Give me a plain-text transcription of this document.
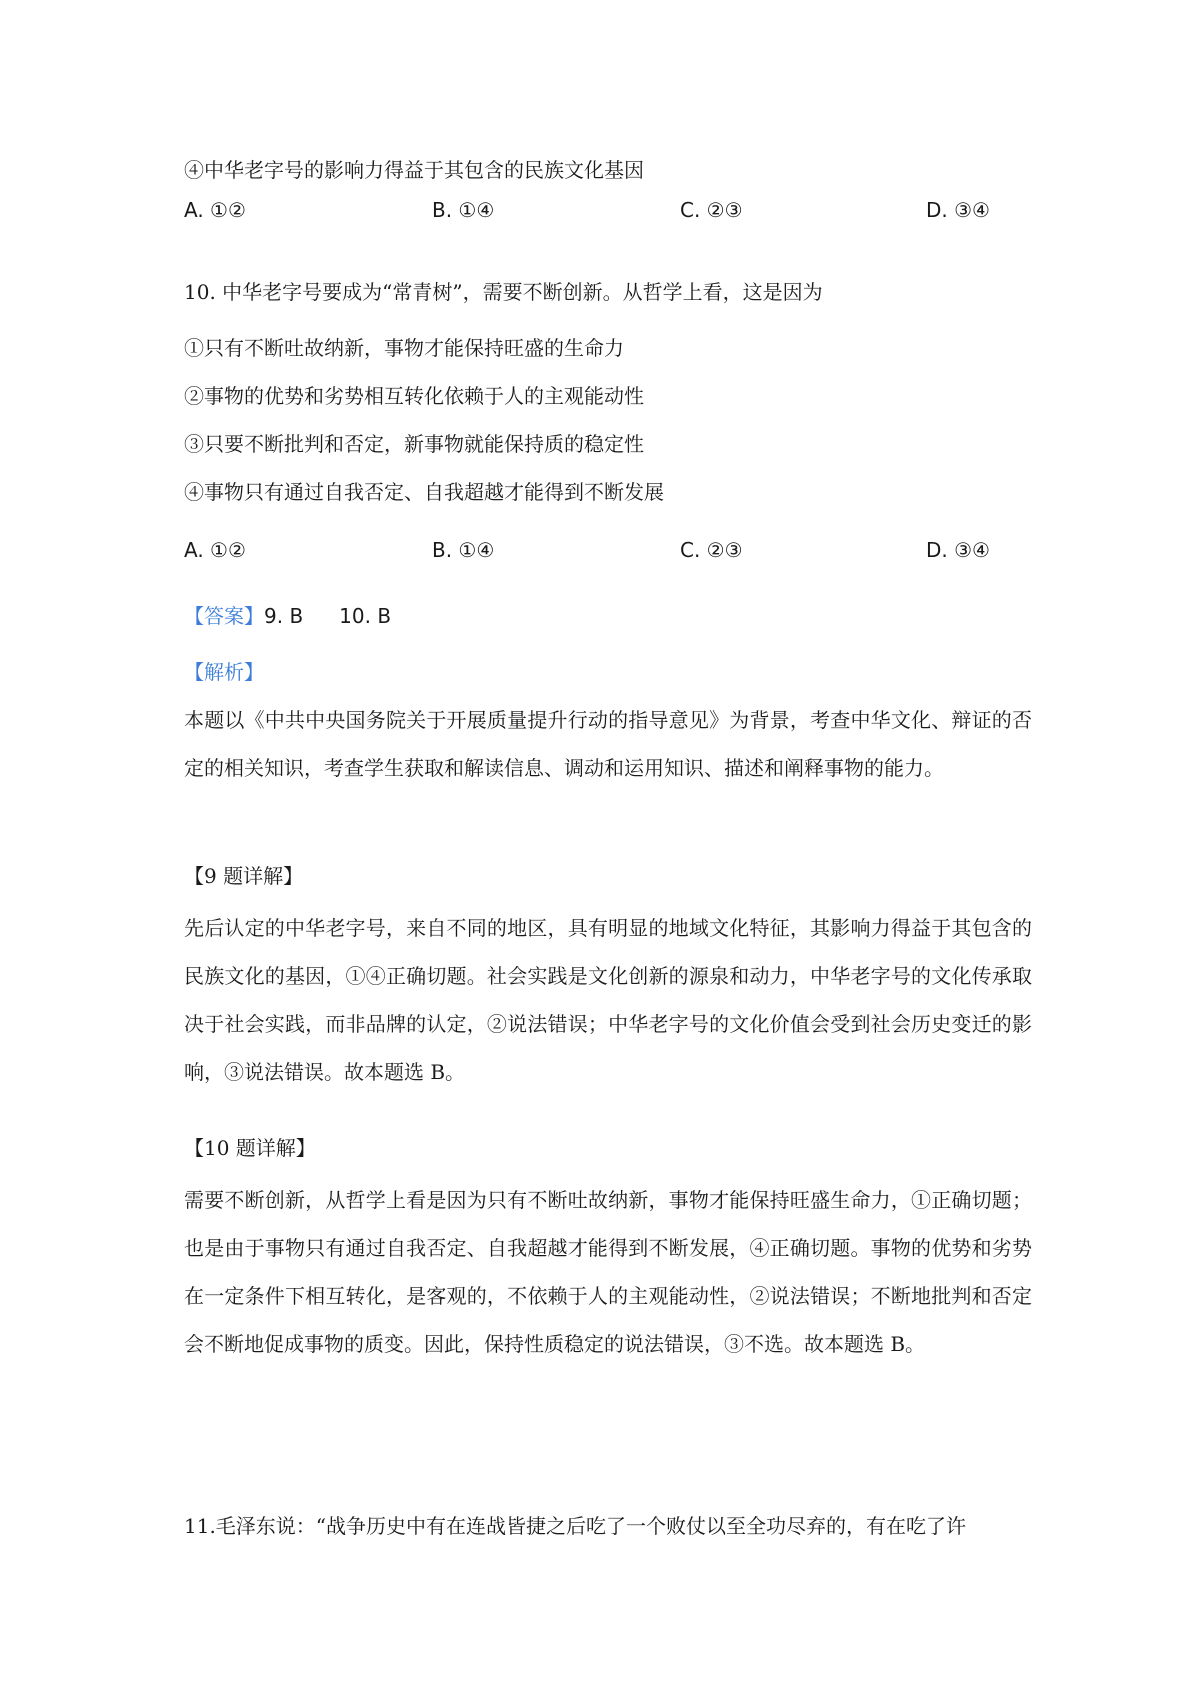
④中华老字号的影响力得益于其包含的民族文化基因
A. ①②	B. ①④	C. ②③	D. ③④
10. 中华老字号要成为“常青树”，需要不断创新。从哲学上看，这是因为
①只有不断吐故纳新，事物才能保持旺盛的生命力
②事物的优势和劣势相互转化依赖于人的主观能动性
③只要不断批判和否定，新事物就能保持质的稳定性
④事物只有通过自我否定、自我超越才能得到不断发展
A. ①②	B. ①④	C. ②③	D. ③④
【答案】9. B 10. B
【解析】
本题以《中共中央国务院关于开展质量提升行动的指导意见》为背景，考查中华文化、辩证的否定的相关知识，考查学生获取和解读信息、调动和运用知识、描述和阐释事物的能力。
【9 题详解】
先后认定的中华老字号，来自不同的地区，具有明显的地域文化特征，其影响力得益于其包含的民族文化的基因，①④正确切题。社会实践是文化创新的源泉和动力，中华老字号的文化传承取决于社会实践，而非品牌的认定，②说法错误；中华老字号的文化价值会受到社会历史变迁的影响，③说法错误。故本题选 B。
【10 题详解】
需要不断创新，从哲学上看是因为只有不断吐故纳新，事物才能保持旺盛生命力，①正确切题；也是由于事物只有通过自我否定、自我超越才能得到不断发展，④正确切题。事物的优势和劣势在一定条件下相互转化，是客观的，不依赖于人的主观能动性，②说法错误；不断地批判和否定会不断地促成事物的质变。因此，保持性质稳定的说法错误，③不选。故本题选 B。
11.毛泽东说：“战争历史中有在连战皆捷之后吃了一个败仗以至全功尽弃的，有在吃了许
